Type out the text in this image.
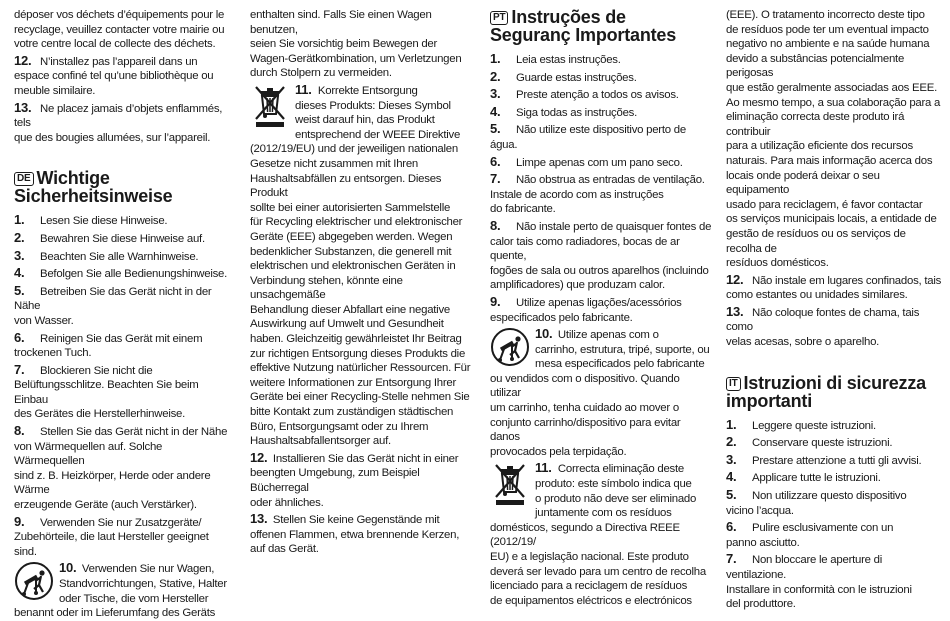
déposer vos déchets d’équipements pour le

recyclage, veuillez contacter votre mairie ou

votre centre local de collecte des déchets.

12. N’installez pas l’appareil dans un

espace confiné tel qu’une bibliothèque ou

meuble similaire.

13. Ne placez jamais d’objets enflammés, tels

que des bougies allumées, sur l’appareil.

DE Wichtige
Sicherheitsinweise
1. Lesen Sie diese Hinweise.
2. Bewahren Sie diese Hinweise auf.
3. Beachten Sie alle Warnhinweise.
4. Befolgen Sie alle Bedienungshinweise.

5. Betreiben Sie das Gerät nicht in der Nähe

von Wasser.

6. Reinigen Sie das Gerät mit einem

trockenen Tuch.

7. Blockieren Sie nicht die

Belüftungsschlitze. Beachten Sie beim Einbau

des Gerätes die Herstellerhinweise.

8. Stellen Sie das Gerät nicht in der Nähe

von Wärmequellen auf. Solche Wärmequellen

sind z. B. Heizkörper, Herde oder andere Wärme

erzeugende Geräte (auch Verstärker).

9. Verwenden Sie nur Zusatzgeräte/

Zubehörteile, die laut Hersteller geeignet sind.

10. Verwenden Sie nur Wagen,

Standvorrichtungen, Stative, Halter

oder Tische, die vom Hersteller

benannt oder im Lieferumfang des Geräts

enthalten sind. Falls Sie einen Wagen benutzen,

seien Sie vorsichtig beim Bewegen der

Wagen-Gerätkombination, um Verletzungen

durch Stolpern zu vermeiden.

11. Korrekte Entsorgung

dieses Produkts: Dieses Symbol

weist darauf hin, das Produkt

entsprechend der WEEE Direktive

(2012/19/EU) und der jeweiligen nationalen

Gesetze nicht zusammen mit Ihren

Haushaltsabfällen zu entsorgen. Dieses Produkt

sollte bei einer autorisierten Sammelstelle

für Recycling elektrischer und elektronischer

Geräte (EEE) abgegeben werden. Wegen

bedenklicher Substanzen, die generell mit

elektrischen und elektronischen Geräten in

Verbindung stehen, könnte eine unsachgemäße

Behandlung dieser Abfallart eine negative

Auswirkung auf Umwelt und Gesundheit

haben. Gleichzeitig gewährleistet Ihr Beitrag

zur richtigen Entsorgung dieses Produkts die

effektive Nutzung natürlicher Ressourcen. Für

weitere Informationen zur Entsorgung Ihrer

Geräte bei einer Recycling-Stelle nehmen Sie

bitte Kontakt zum zuständigen städtischen

Büro, Entsorgungsamt oder zu Ihrem

Haushaltsabfallentsorger auf.

12. Installieren Sie das Gerät nicht in einer

beengten Umgebung, zum Beispiel Bücherregal

oder ähnliches.

13. Stellen Sie keine Gegenstände mit

offenen Flammen, etwa brennende Kerzen,

auf das Gerät.

PT Instruções de
Seguranç Importantes
1. Leia estas instruções.
2. Guarde estas instruções.
3. Preste atenção a todos os avisos.
4. Siga todas as instruções.
5. Não utilize este dispositivo perto de água.
6. Limpe apenas com um pano seco.

7. Não obstrua as entradas de ventilação.

Instale de acordo com as instruções

do fabricante.

8. Não instale perto de quaisquer fontes de

calor tais como radiadores, bocas de ar quente,

fogões de sala ou outros aparelhos (incluindo

amplificadores) que produzam calor.

9. Utilize apenas ligações/acessórios

especificados pelo fabricante.

10. Utilize apenas com o

carrinho, estrutura, tripé, suporte, ou

mesa especificados pelo fabricante

ou vendidos com o dispositivo. Quando utilizar

um carrinho, tenha cuidado ao mover o

conjunto carrinho/dispositivo para evitar danos

provocados pela terpidação.

11. Correcta eliminação deste

produto: este símbolo indica que

o produto não deve ser eliminado

juntamente com os resíduos

domésticos, segundo a Directiva REEE (2012/19/

EU) e a legislação nacional. Este produto

deverá ser levado para um centro de recolha

licenciado para a reciclagem de resíduos

de equipamentos eléctricos e electrónicos

(EEE). O tratamento incorrecto deste tipo

de resíduos pode ter um eventual impacto

negativo no ambiente e na saúde humana

devido a substâncias potencialmente perigosas

que estão geralmente associadas aos EEE.

Ao mesmo tempo, a sua colaboração para a

eliminação correcta deste produto irá contribuir

para a utilização eficiente dos recursos

naturais. Para mais informação acerca dos

locais onde poderá deixar o seu equipamento

usado para reciclagem, é favor contactar

os serviços municipais locais, a entidade de

gestão de resíduos ou os serviços de recolha de

resíduos domésticos.

12. Não instale em lugares confinados, tais

como estantes ou unidades similares.

13. Não coloque fontes de chama, tais como

velas acesas, sobre o aparelho.

IT Istruzioni di sicurezza
importanti
1. Leggere queste istruzioni.
2. Conservare queste istruzioni.
3. Prestare attenzione a tutti gli avvisi.
4. Applicare tutte le istruzioni.

5. Non utilizzare questo dispositivo

vicino l’acqua.

6. Pulire esclusivamente con un

panno asciutto.

7. Non bloccare le aperture di ventilazione.

Installare in conformità con le istruzioni

del produttore.
